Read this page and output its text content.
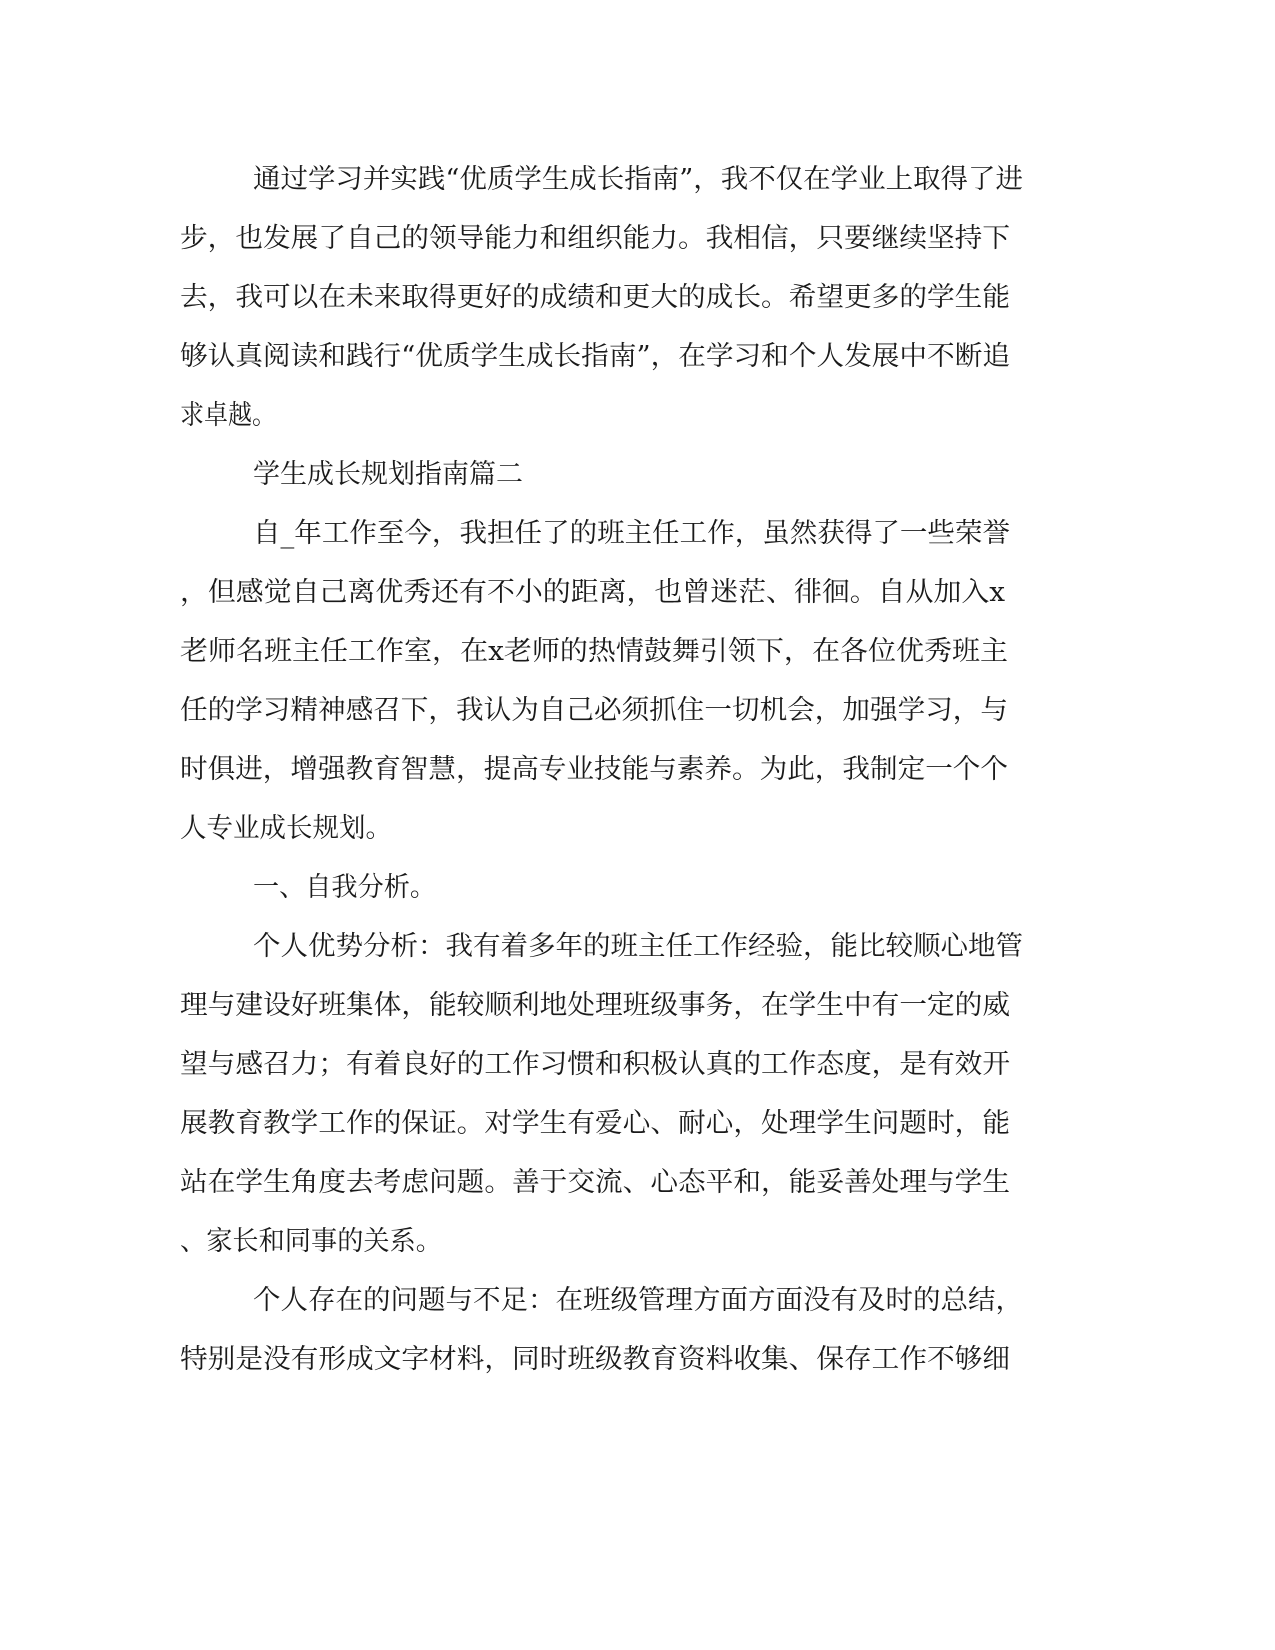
通过学习并实践“优质学生成长指南”，我不仅在学业上取得了进
步，也发展了自己的领导能力和组织能力。我相信，只要继续坚持下
去，我可以在未来取得更好的成绩和更大的成长。希望更多的学生能
够认真阅读和践行“优质学生成长指南”，在学习和个人发展中不断追
求卓越。
学生成长规划指南篇二
自_年工作至今，我担任了的班主任工作，虽然获得了一些荣誉
，但感觉自己离优秀还有不小的距离，也曾迷茫、徘徊。自从加入x
老师名班主任工作室，在x老师的热情鼓舞引领下，在各位优秀班主
任的学习精神感召下，我认为自己必须抓住一切机会，加强学习，与
时俱进，增强教育智慧，提高专业技能与素养。为此，我制定一个个
人专业成长规划。
一、自我分析。
个人优势分析：我有着多年的班主任工作经验，能比较顺心地管
理与建设好班集体，能较顺利地处理班级事务，在学生中有一定的威
望与感召力；有着良好的工作习惯和积极认真的工作态度，是有效开
展教育教学工作的保证。对学生有爱心、耐心，处理学生问题时，能
站在学生角度去考虑问题。善于交流、心态平和，能妥善处理与学生
、家长和同事的关系。
个人存在的问题与不足：在班级管理方面方面没有及时的总结，
特别是没有形成文字材料，同时班级教育资料收集、保存工作不够细
